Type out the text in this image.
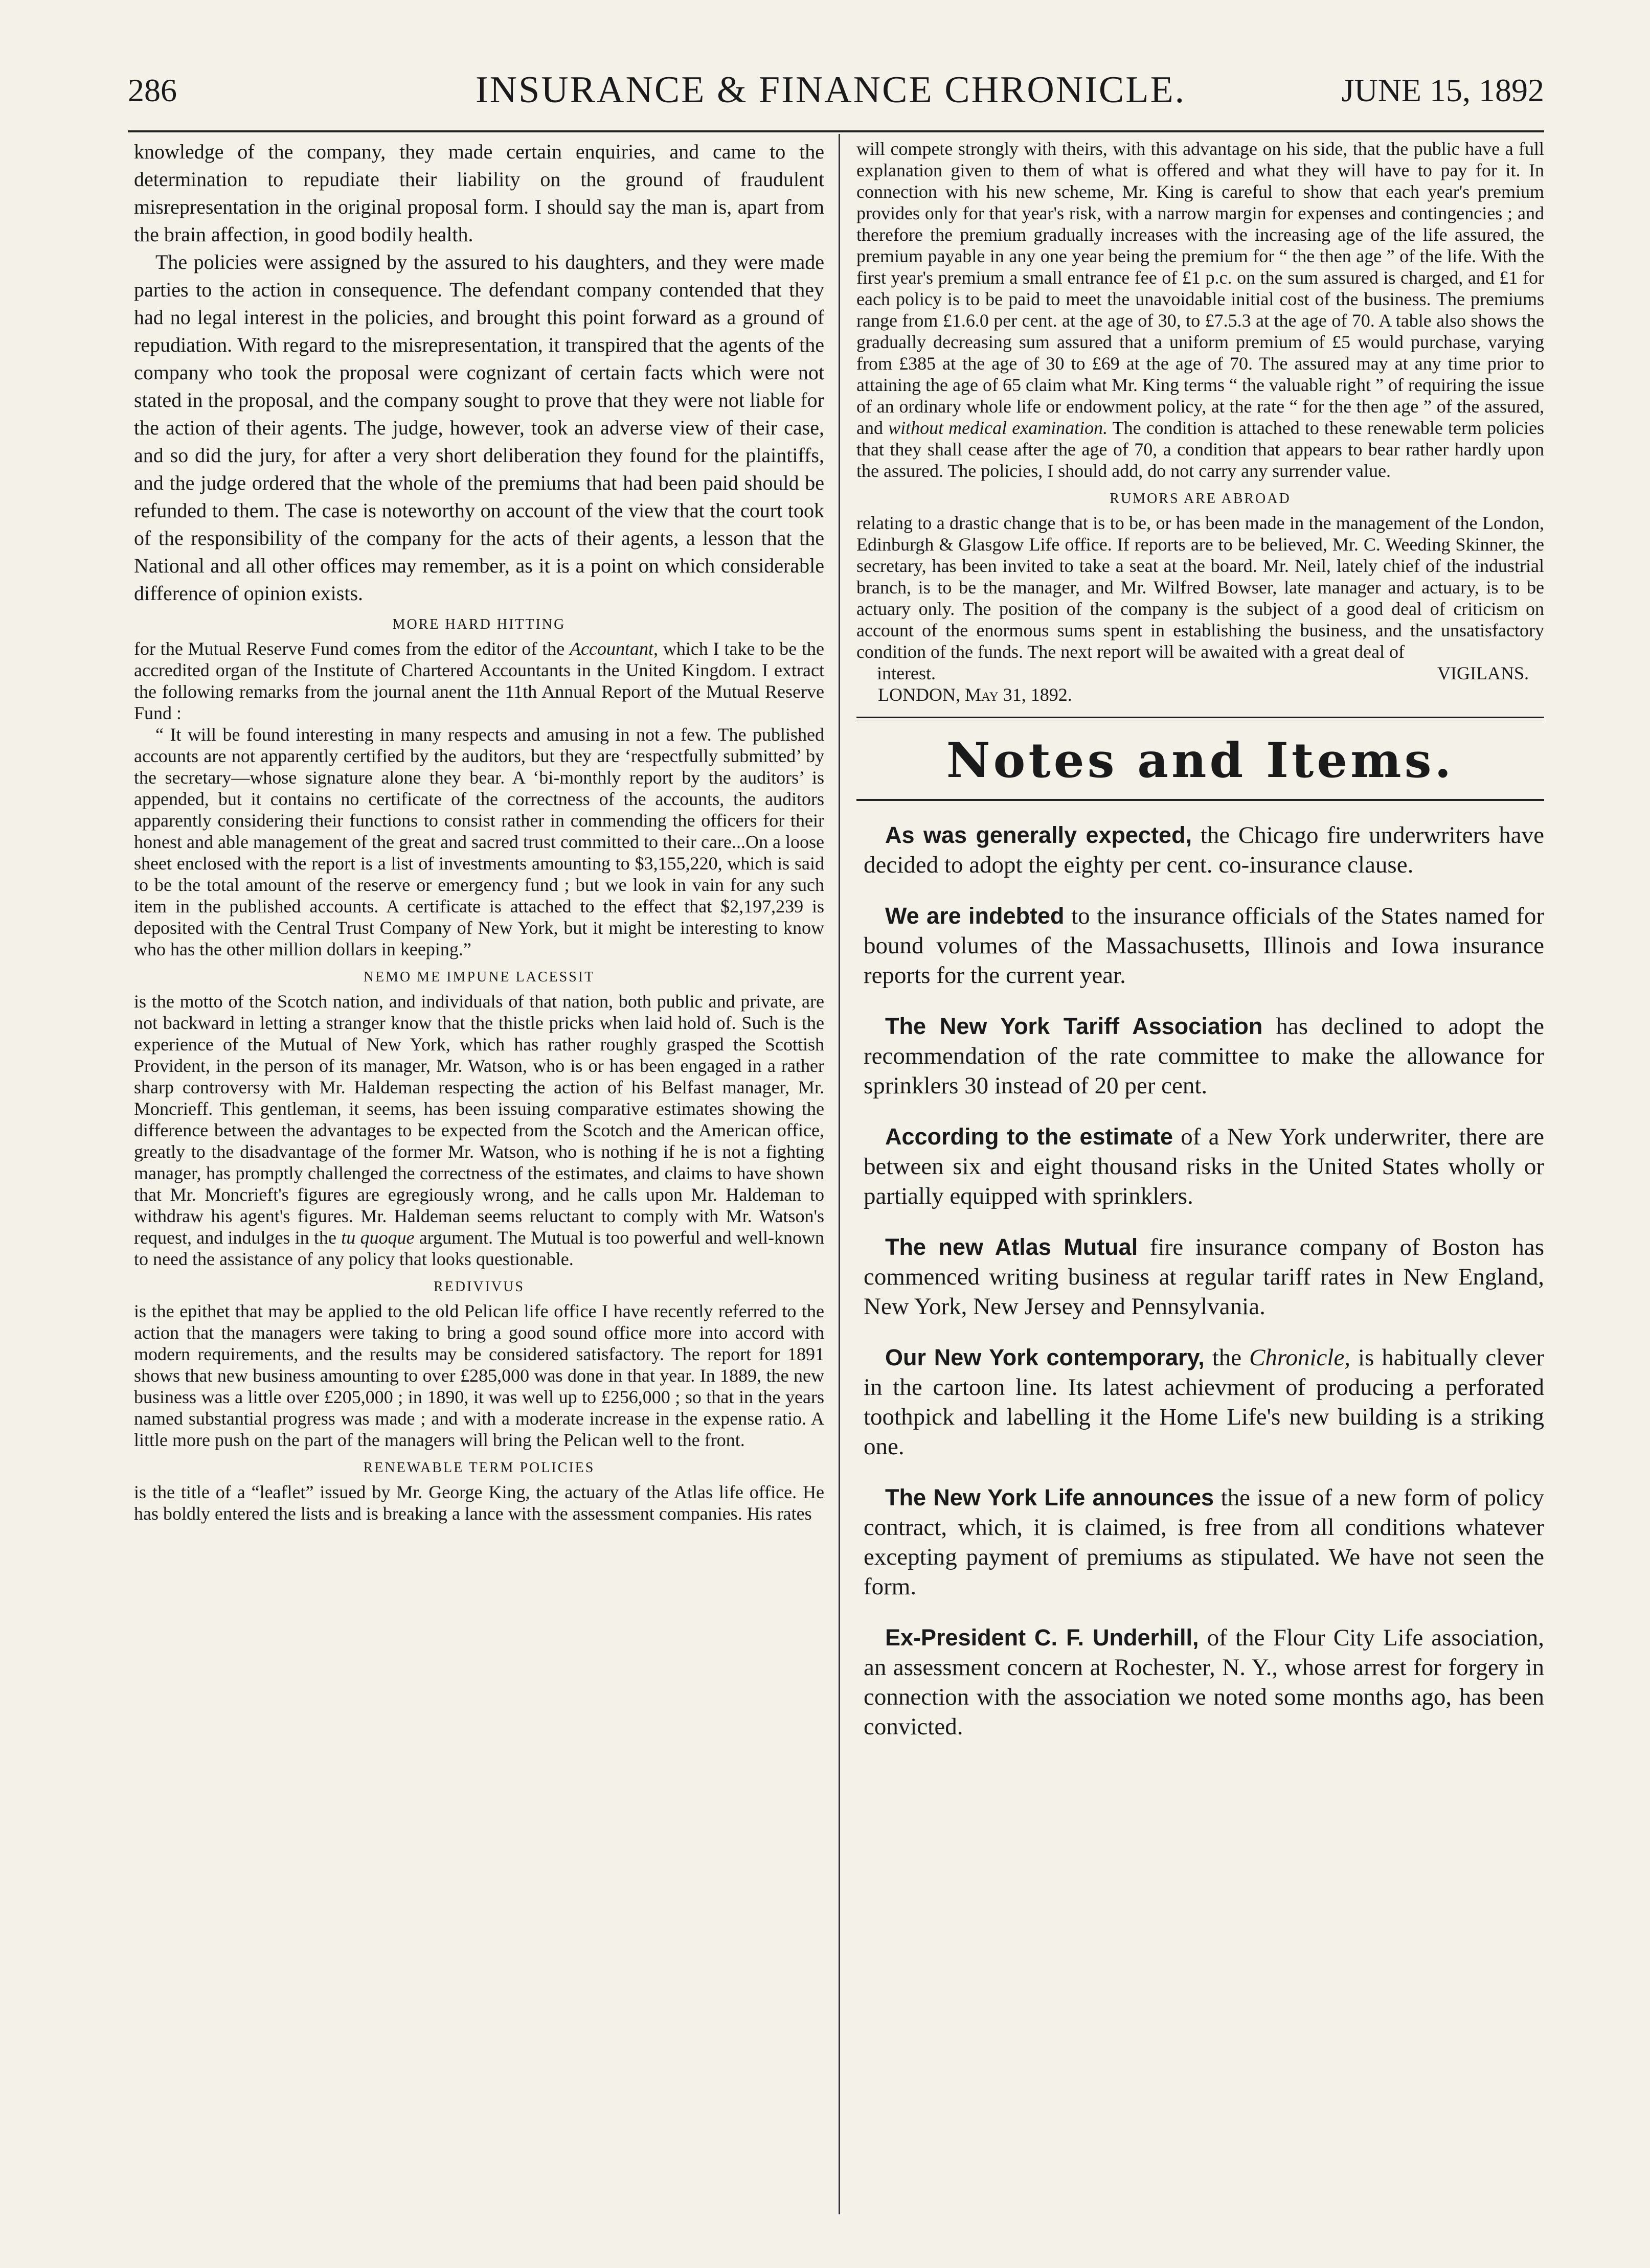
286	INSURANCE & FINANCE CHRONICLE.	JUNE 15, 1892

knowledge of the company, they made certain enquiries, and came to the determination to repudiate their liability on the ground of fraudulent misrepresentation in the original proposal form. I should say the man is, apart from the brain affection, in good bodily health.

The policies were assigned by the assured to his daughters, and they were made parties to the action in consequence. The defendant company contended that they had no legal interest in the policies, and brought this point forward as a ground of repudiation. With regard to the misrepresentation, it transpired that the agents of the company who took the proposal were cognizant of certain facts which were not stated in the proposal, and the company sought to prove that they were not liable for the action of their agents. The judge, however, took an adverse view of their case, and so did the jury, for after a very short deliberation they found for the plaintiffs, and the judge ordered that the whole of the premiums that had been paid should be refunded to them. The case is noteworthy on account of the view that the court took of the responsibility of the company for the acts of their agents, a lesson that the National and all other offices may remember, as it is a point on which considerable difference of opinion exists.

MORE HARD HITTING

for the Mutual Reserve Fund comes from the editor of the Accountant, which I take to be the accredited organ of the Institute of Chartered Accountants in the United Kingdom. I extract the following remarks from the journal anent the 11th Annual Report of the Mutual Reserve Fund :

“ It will be found interesting in many respects and amusing in not a few. The published accounts are not apparently certified by the auditors, but they are ‘respectfully submitted’ by the secretary—whose signature alone they bear. A ‘bi-monthly report by the auditors’ is appended, but it contains no certificate of the correctness of the accounts, the auditors apparently considering their functions to consist rather in commending the officers for their honest and able management of the great and sacred trust committed to their care...On a loose sheet enclosed with the report is a list of investments amounting to $3,155,220, which is said to be the total amount of the reserve or emergency fund ; but we look in vain for any such item in the published accounts. A certificate is attached to the effect that $2,197,239 is deposited with the Central Trust Company of New York, but it might be interesting to know who has the other million dollars in keeping.”

NEMO ME IMPUNE LACESSIT

is the motto of the Scotch nation, and individuals of that nation, both public and private, are not backward in letting a stranger know that the thistle pricks when laid hold of. Such is the experience of the Mutual of New York, which has rather roughly grasped the Scottish Provident, in the person of its manager, Mr. Watson, who is or has been engaged in a rather sharp controversy with Mr. Haldeman respecting the action of his Belfast manager, Mr. Moncrieff. This gentleman, it seems, has been issuing comparative estimates showing the difference between the advantages to be expected from the Scotch and the American office, greatly to the disadvantage of the former Mr. Watson, who is nothing if he is not a fighting manager, has promptly challenged the correctness of the estimates, and claims to have shown that Mr. Moncrieft's figures are egregiously wrong, and he calls upon Mr. Haldeman to withdraw his agent's figures. Mr. Haldeman seems reluctant to comply with Mr. Watson's request, and indulges in the tu quoque argument. The Mutual is too powerful and well-known to need the assistance of any policy that looks questionable.

REDIVIVUS

is the epithet that may be applied to the old Pelican life office I have recently referred to the action that the managers were taking to bring a good sound office more into accord with modern requirements, and the results may be considered satisfactory. The report for 1891 shows that new business amounting to over £285,000 was done in that year. In 1889, the new business was a little over £205,000 ; in 1890, it was well up to £256,000 ; so that in the years named substantial progress was made ; and with a moderate increase in the expense ratio. A little more push on the part of the managers will bring the Pelican well to the front.

RENEWABLE TERM POLICIES

is the title of a “leaflet” issued by Mr. George King, the actuary of the Atlas life office. He has boldly entered the lists and is breaking a lance with the assessment companies. His rates

will compete strongly with theirs, with this advantage on his side, that the public have a full explanation given to them of what is offered and what they will have to pay for it. In connection with his new scheme, Mr. King is careful to show that each year's premium provides only for that year's risk, with a narrow margin for expenses and contingencies ; and therefore the premium gradually increases with the increasing age of the life assured, the premium payable in any one year being the premium for “ the then age ” of the life. With the first year's premium a small entrance fee of £1 p.c. on the sum assured is charged, and £1 for each policy is to be paid to meet the unavoidable initial cost of the business. The premiums range from £1.6.0 per cent. at the age of 30, to £7.5.3 at the age of 70. A table also shows the gradually decreasing sum assured that a uniform premium of £5 would purchase, varying from £385 at the age of 30 to £69 at the age of 70. The assured may at any time prior to attaining the age of 65 claim what Mr. King terms “ the valuable right ” of requiring the issue of an ordinary whole life or endowment policy, at the rate “ for the then age ” of the assured, and without medical examination. The condition is attached to these renewable term policies that they shall cease after the age of 70, a condition that appears to bear rather hardly upon the assured. The policies, I should add, do not carry any surrender value.

RUMORS ARE ABROAD

relating to a drastic change that is to be, or has been made in the management of the London, Edinburgh & Glasgow Life office. If reports are to be believed, Mr. C. Weeding Skinner, the secretary, has been invited to take a seat at the board. Mr. Neil, lately chief of the industrial branch, is to be the manager, and Mr. Wilfred Bowser, late manager and actuary, is to be actuary only. The position of the company is the subject of a good deal of criticism on account of the enormous sums spent in establishing the business, and the unsatisfactory condition of the funds. The next report will be awaited with a great deal of

interest.	VIGILANS.

LONDON, May 31, 1892.

Notes and Items.

As was generally expected, the Chicago fire underwriters have decided to adopt the eighty per cent. co-insurance clause.

We are indebted to the insurance officials of the States named for bound volumes of the Massachusetts, Illinois and Iowa insurance reports for the current year.

The New York Tariff Association has declined to adopt the recommendation of the rate committee to make the allowance for sprinklers 30 instead of 20 per cent.

According to the estimate of a New York underwriter, there are between six and eight thousand risks in the United States wholly or partially equipped with sprinklers.

The new Atlas Mutual fire insurance company of Boston has commenced writing business at regular tariff rates in New England, New York, New Jersey and Pennsylvania.

Our New York contemporary, the Chronicle, is habitually clever in the cartoon line. Its latest achievment of producing a perforated toothpick and labelling it the Home Life's new building is a striking one.

The New York Life announces the issue of a new form of policy contract, which, it is claimed, is free from all conditions whatever excepting payment of premiums as stipulated. We have not seen the form.

Ex-President C. F. Underhill, of the Flour City Life association, an assessment concern at Rochester, N. Y., whose arrest for forgery in connection with the association we noted some months ago, has been convicted.
